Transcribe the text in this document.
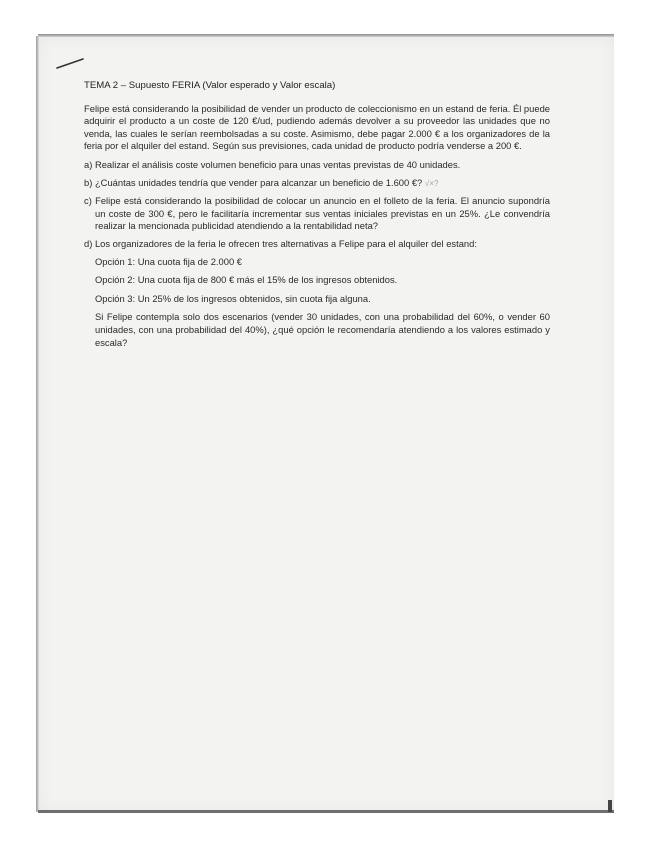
TEMA 2 – Supuesto FERIA (Valor esperado y Valor escala)

Felipe está considerando la posibilidad de vender un producto de coleccionismo en un estand de feria. Él puede adquirir el producto a un coste de 120 €/ud, pudiendo además devolver a su proveedor las unidades que no venda, las cuales le serían reembolsadas a su coste. Asimismo, debe pagar 2.000 € a los organizadores de la feria por el alquiler del estand. Según sus previsiones, cada unidad de producto podría venderse a 200 €.

a) Realizar el análisis coste volumen beneficio para unas ventas previstas de 40 unidades.

b) ¿Cuántas unidades tendría que vender para alcanzar un beneficio de 1.600 €? √×?

c) Felipe está considerando la posibilidad de colocar un anuncio en el folleto de la feria. El anuncio supondría un coste de 300 €, pero le facilitaría incrementar sus ventas iniciales previstas en un 25%. ¿Le convendría realizar la mencionada publicidad atendiendo a la rentabilidad neta?

d) Los organizadores de la feria le ofrecen tres alternativas a Felipe para el alquiler del estand:

Opción 1: Una cuota fija de 2.000 €

Opción 2: Una cuota fija de 800 € más el 15% de los ingresos obtenidos.

Opción 3: Un 25% de los ingresos obtenidos, sin cuota fija alguna.

Si Felipe contempla solo dos escenarios (vender 30 unidades, con una probabilidad del 60%, o vender 60 unidades, con una probabilidad del 40%), ¿qué opción le recomendaría atendiendo a los valores estimado y escala?
